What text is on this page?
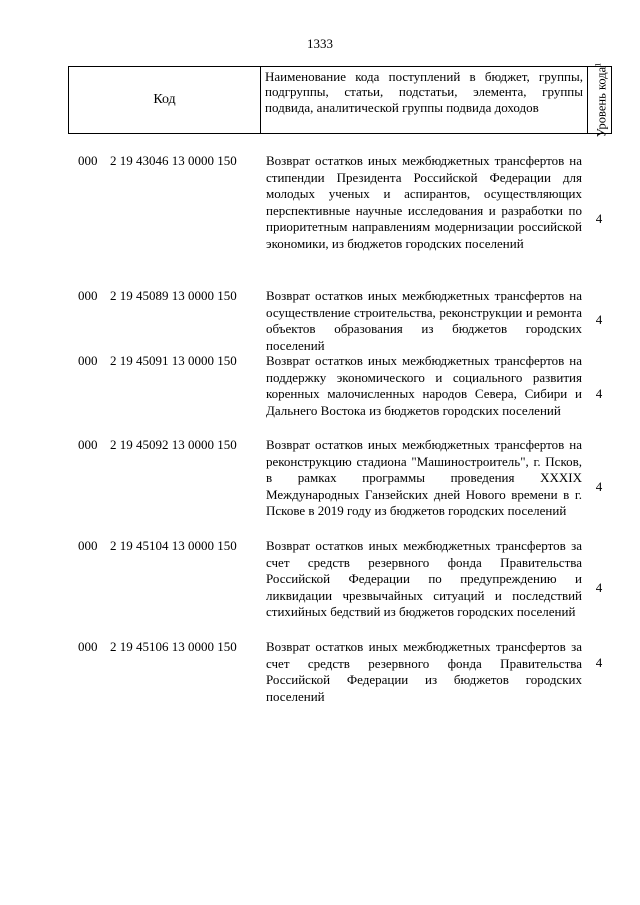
1333
Код
Наименование кода поступлений в бюджет, группы, подгруппы, статьи, подстатьи, элемента, группы подвида, аналитической группы подвида доходов	Уровень кода$^1$
000 2 19 43046 13 0000 150 Возврат остатков иных межбюджетных трансфертов на стипендии Президента Российской Федерации для молодых ученых и аспирантов, осуществляющих перспективные научные исследования и разработки по приоритетным направлениям модернизации российской экономики, из бюджетов городских поселений
4
000 2 19 45089 13 0000 150 Возврат остатков иных межбюджетных трансфертов на осуществление строительства, реконструкции и ремонта объектов образования из бюджетов городских поселений
4
000 2 19 45091 13 0000 150 Возврат остатков иных межбюджетных трансфертов на поддержку экономического и социального развития коренных малочисленных народов Севера, Сибири и Дальнего Востока из бюджетов городских поселений
4
000 2 19 45092 13 0000 150 Возврат остатков иных межбюджетных трансфертов на реконструкцию стадиона "Машиностроитель", г. Псков, в рамках программы проведения XXXIX Международных Ганзейских дней Нового времени в г. Пскове в 2019 году из бюджетов городских поселений
4
000 2 19 45104 13 0000 150 Возврат остатков иных межбюджетных трансфертов за счет средств резервного фонда Правительства Российской Федерации по предупреждению и ликвидации чрезвычайных ситуаций и последствий стихийных бедствий из бюджетов городских поселений
4
000 2 19 45106 13 0000 150 Возврат остатков иных межбюджетных трансфертов за счет средств резервного фонда Правительства Российской Федерации из бюджетов городских поселений
4
